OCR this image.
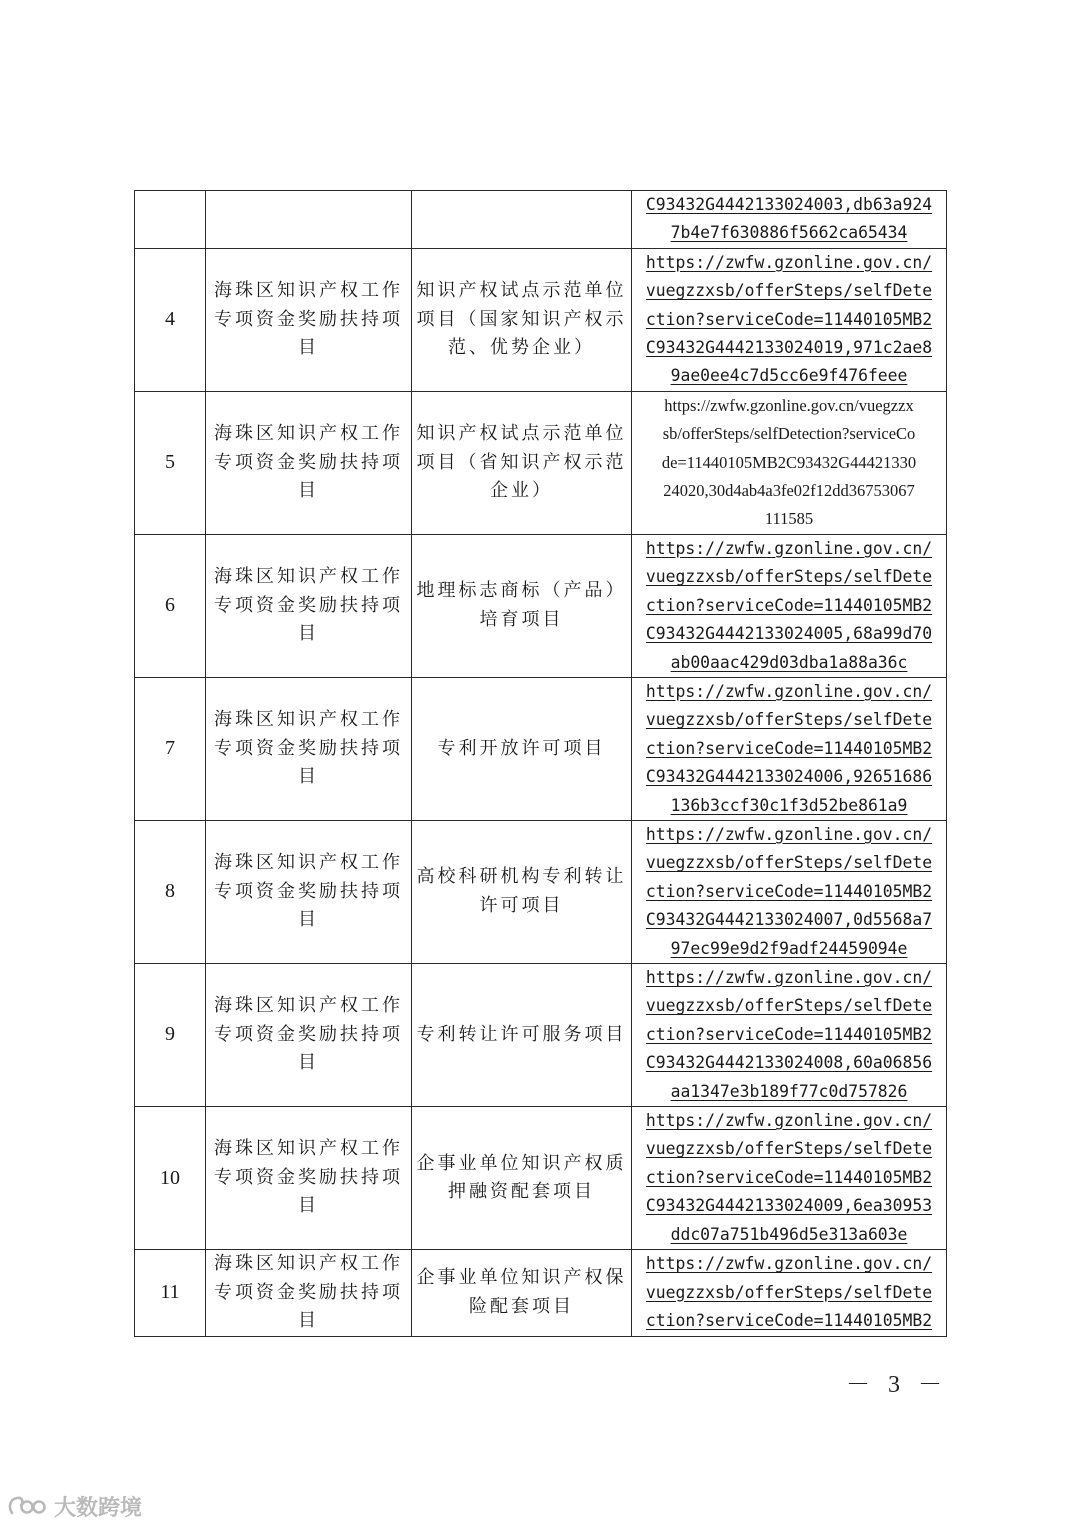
			C93432G4442133024003,db63a924
7b4e7f630886f5662ca65434

4	海珠区知识产权工作专项资金奖励扶持项目	知识产权试点示范单位项目（国家知识产权示范、优势企业）	https://zwfw.gzonline.gov.cn/
vuegzzxsb/offerSteps/selfDete
ction?serviceCode=11440105MB2
C93432G4442133024019,971c2ae8
9ae0ee4c7d5cc6e9f476feee

5	海珠区知识产权工作专项资金奖励扶持项目	知识产权试点示范单位项目（省知识产权示范企业）	https://zwfw.gzonline.gov.cn/vuegzzx
sb/offerSteps/selfDetection?serviceCo
de=11440105MB2C93432G44421330
24020,30d4ab4a3fe02f12dd36753067
111585

6	海珠区知识产权工作专项资金奖励扶持项目	地理标志商标（产品）培育项目	https://zwfw.gzonline.gov.cn/
vuegzzxsb/offerSteps/selfDete
ction?serviceCode=11440105MB2
C93432G4442133024005,68a99d70
ab00aac429d03dba1a88a36c

7	海珠区知识产权工作专项资金奖励扶持项目	专利开放许可项目	https://zwfw.gzonline.gov.cn/
vuegzzxsb/offerSteps/selfDete
ction?serviceCode=11440105MB2
C93432G4442133024006,92651686
136b3ccf30c1f3d52be861a9

8	海珠区知识产权工作专项资金奖励扶持项目	高校科研机构专利转让许可项目	https://zwfw.gzonline.gov.cn/
vuegzzxsb/offerSteps/selfDete
ction?serviceCode=11440105MB2
C93432G4442133024007,0d5568a7
97ec99e9d2f9adf24459094e

9	海珠区知识产权工作专项资金奖励扶持项目	专利转让许可服务项目	https://zwfw.gzonline.gov.cn/
vuegzzxsb/offerSteps/selfDete
ction?serviceCode=11440105MB2
C93432G4442133024008,60a06856
aa1347e3b189f77c0d757826

10	海珠区知识产权工作专项资金奖励扶持项目	企事业单位知识产权质押融资配套项目	https://zwfw.gzonline.gov.cn/
vuegzzxsb/offerSteps/selfDete
ction?serviceCode=11440105MB2
C93432G4442133024009,6ea30953
ddc07a751b496d5e313a603e

11	海珠区知识产权工作专项资金奖励扶持项目	企事业单位知识产权保险配套项目	https://zwfw.gzonline.gov.cn/
vuegzzxsb/offerSteps/selfDete
ction?serviceCode=11440105MB2
－ 3 －
大数跨境
